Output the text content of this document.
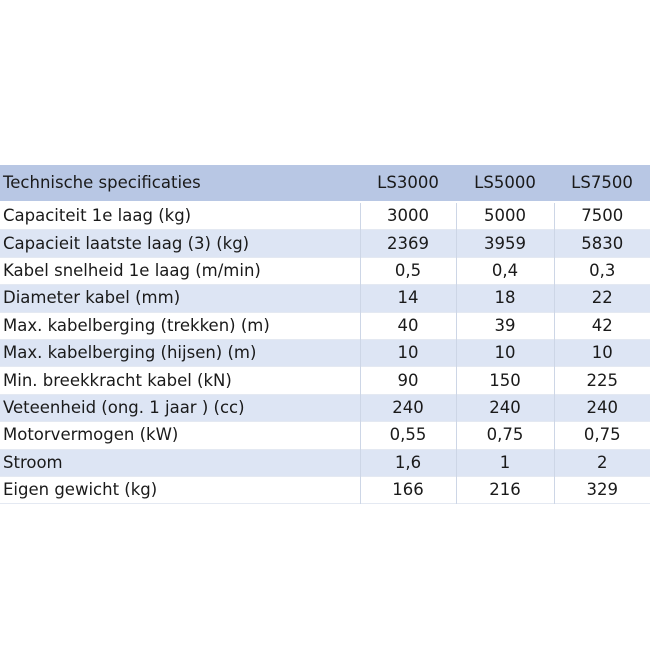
Technische specificaties	LS3000	LS5000	LS7500
Capaciteit 1e laag (kg)	3000	5000	7500
Capacieit laatste laag (3) (kg)	2369	3959	5830
Kabel snelheid 1e laag (m/min)	0,5	0,4	0,3
Diameter kabel (mm)	14	18	22
Max. kabelberging (trekken) (m)	40	39	42
Max. kabelberging (hijsen) (m)	10	10	10
Min. breekkracht kabel (kN)	90	150	225
Veteenheid (ong. 1 jaar ) (cc)	240	240	240
Motorvermogen (kW)	0,55	0,75	0,75
Stroom	1,6	1	2
Eigen gewicht (kg)	166	216	329
